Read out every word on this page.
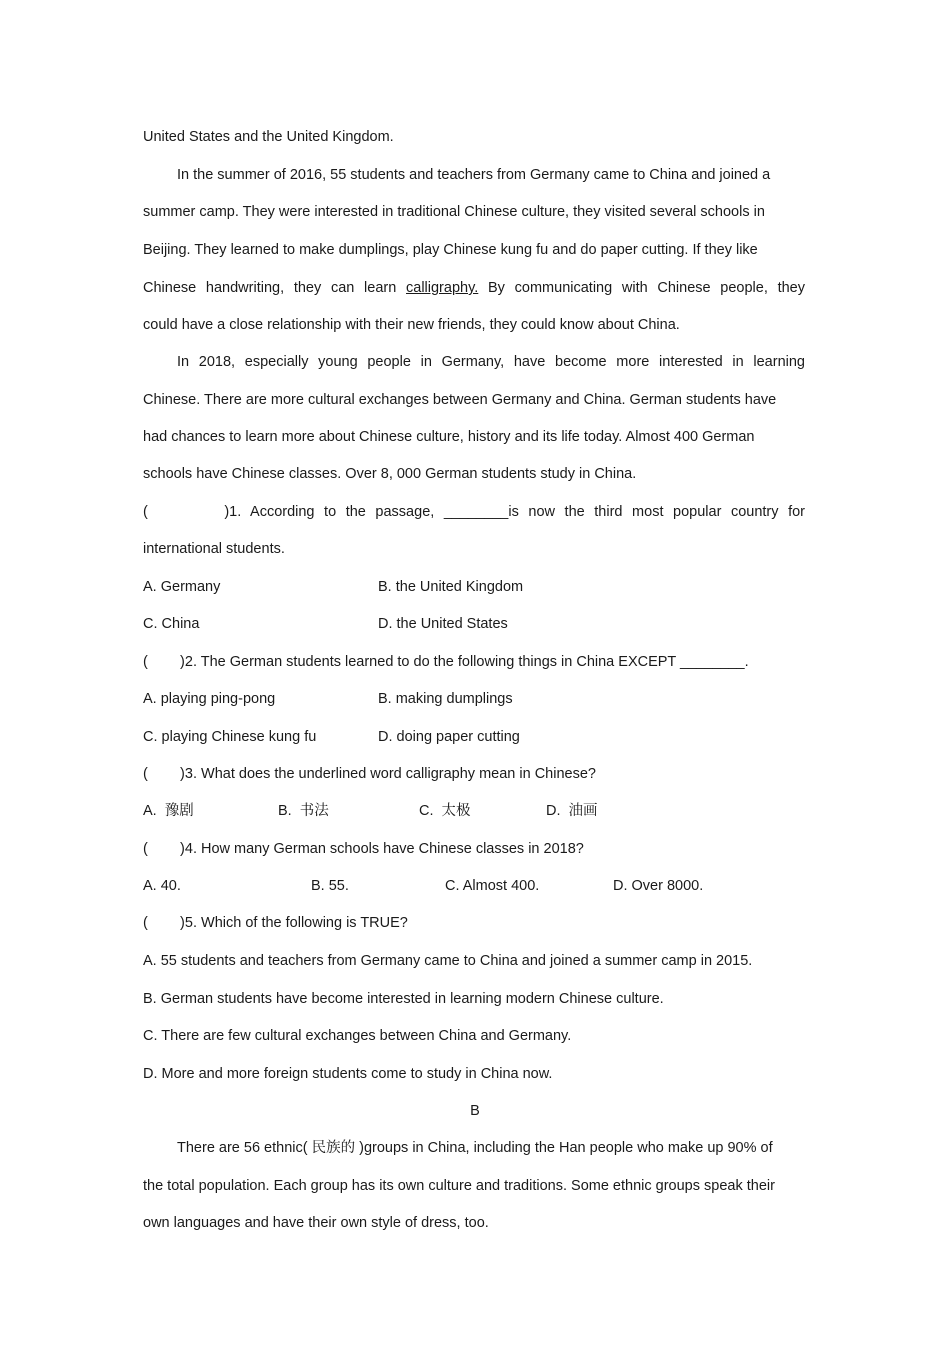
United States and the United Kingdom.
In the summer of 2016, 55 students and teachers from Germany came to China and joined a
summer camp. They were interested in traditional Chinese culture, they visited several schools in
Beijing. They learned to make dumplings, play Chinese kung fu and do paper cutting. If they like
Chinese handwriting, they can learn calligraphy. By communicating with Chinese people, they
could have a close relationship with their new friends, they could know about China.
In 2018, especially young people in Germany, have become more interested in learning
Chinese. There are more cultural exchanges between Germany and China. German students have
had chances to learn more about Chinese culture, history and its life today. Almost 400 German
schools have Chinese classes. Over 8, 000 German students study in China.
(        )1. According to the passage, ________is now the third most popular country for
international students.
A. Germany	B. the United Kingdom
C. China	D. the United States
(        )2. The German students learned to do the following things in China EXCEPT ________.
A. playing ping-pong	B. making dumplings
C. playing Chinese kung fu	D. doing paper cutting
(        )3. What does the underlined word calligraphy mean in Chinese?
A.  豫剧	B.  书法	C.  太极	D.  油画
(        )4. How many German schools have Chinese classes in 2018?
A. 40.	B. 55.	C. Almost 400.	D. Over 8000.
(        )5. Which of the following is TRUE?
A. 55 students and teachers from Germany came to China and joined a summer camp in 2015.
B. German students have become interested in learning modern Chinese culture.
C. There are few cultural exchanges between China and Germany.
D. More and more foreign students come to study in China now.
B
There are 56 ethnic( 民族的 )groups in China, including the Han people who make up 90% of
the total population. Each group has its own culture and traditions. Some ethnic groups speak their
own languages and have their own style of dress, too.
